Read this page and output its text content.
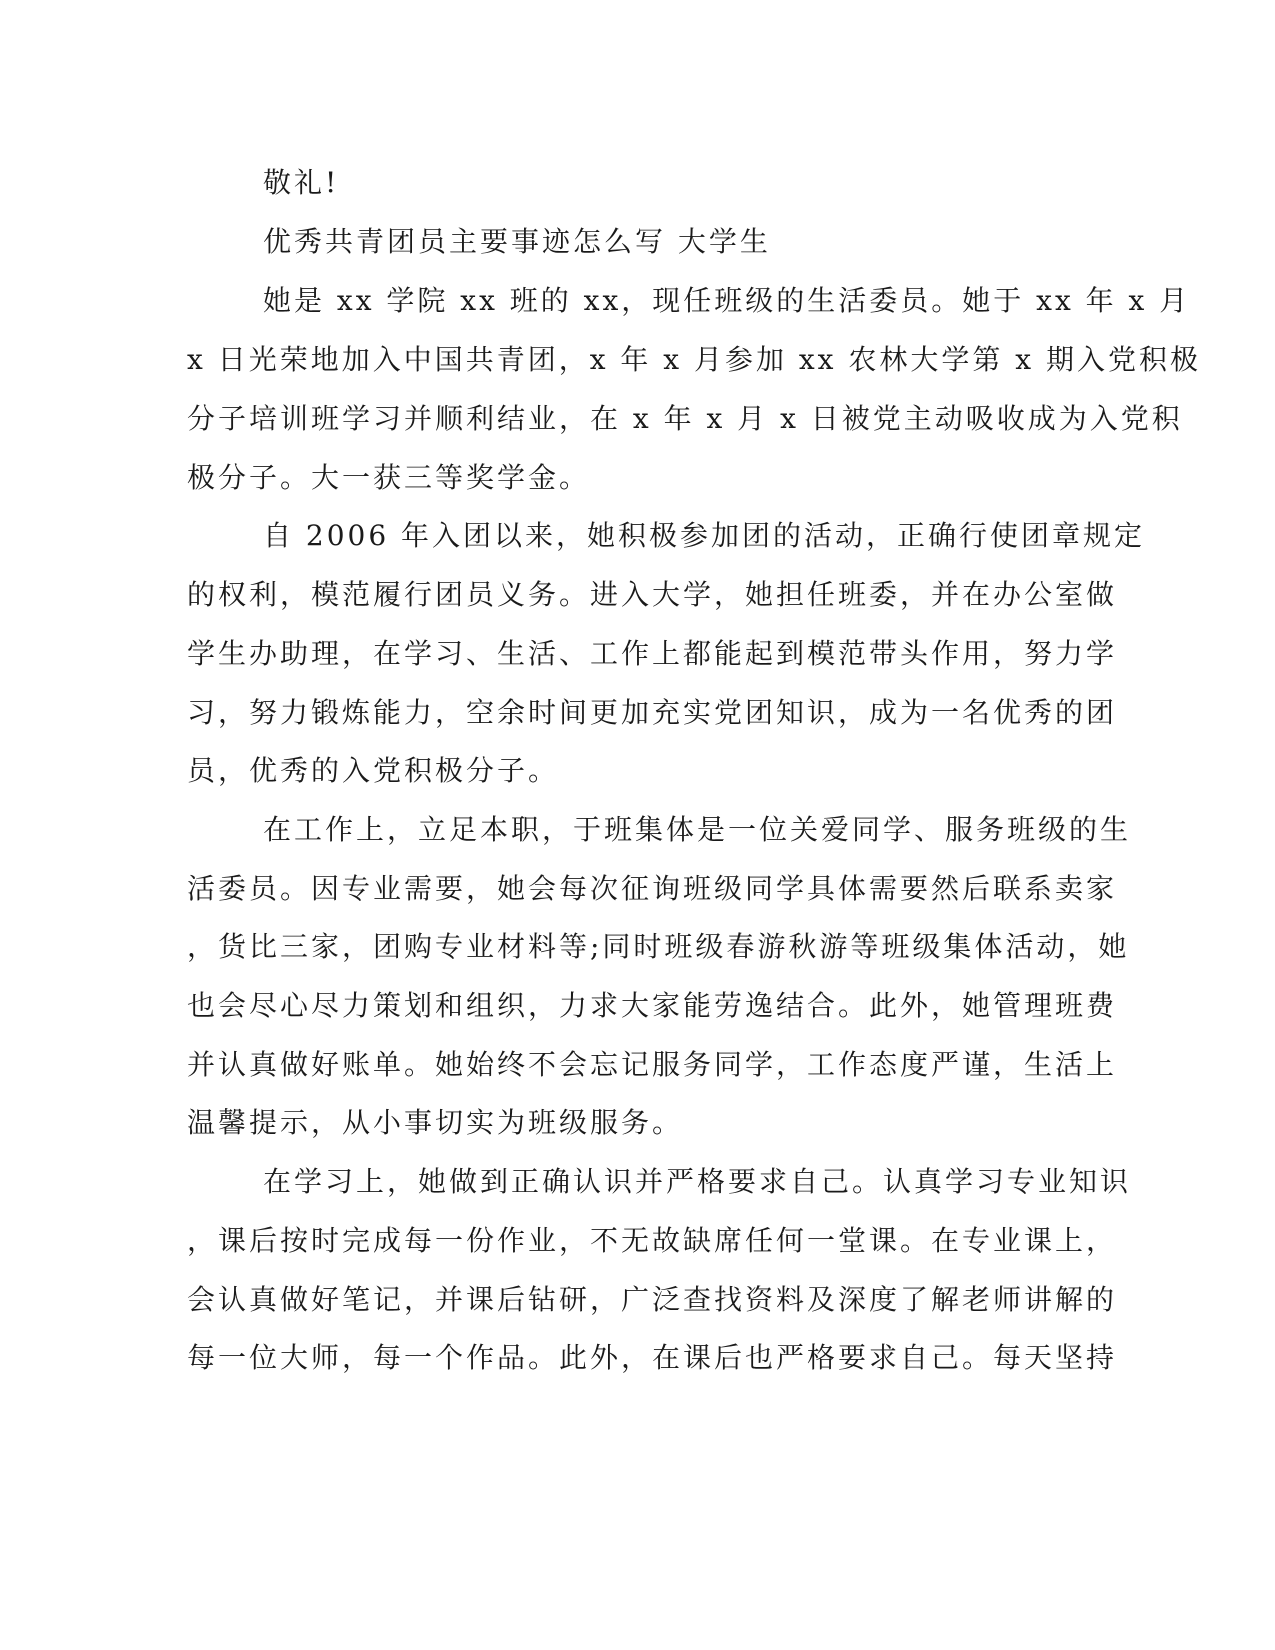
敬礼!

优秀共青团员主要事迹怎么写 大学生

她是 xx 学院 xx 班的 xx，现任班级的生活委员。她于 xx 年 x 月

x 日光荣地加入中国共青团，x 年 x 月参加 xx 农林大学第 x 期入党积极

分子培训班学习并顺利结业，在 x 年 x 月 x 日被党主动吸收成为入党积

极分子。大一获三等奖学金。

自 2006 年入团以来，她积极参加团的活动，正确行使团章规定

的权利，模范履行团员义务。进入大学，她担任班委，并在办公室做

学生办助理，在学习、生活、工作上都能起到模范带头作用，努力学

习，努力锻炼能力，空余时间更加充实党团知识，成为一名优秀的团

员，优秀的入党积极分子。

在工作上，立足本职，于班集体是一位关爱同学、服务班级的生

活委员。因专业需要，她会每次征询班级同学具体需要然后联系卖家

，货比三家，团购专业材料等;同时班级春游秋游等班级集体活动，她

也会尽心尽力策划和组织，力求大家能劳逸结合。此外，她管理班费

并认真做好账单。她始终不会忘记服务同学，工作态度严谨，生活上

温馨提示，从小事切实为班级服务。

在学习上，她做到正确认识并严格要求自己。认真学习专业知识

，课后按时完成每一份作业，不无故缺席任何一堂课。在专业课上，

会认真做好笔记，并课后钻研，广泛查找资料及深度了解老师讲解的

每一位大师，每一个作品。此外，在课后也严格要求自己。每天坚持
